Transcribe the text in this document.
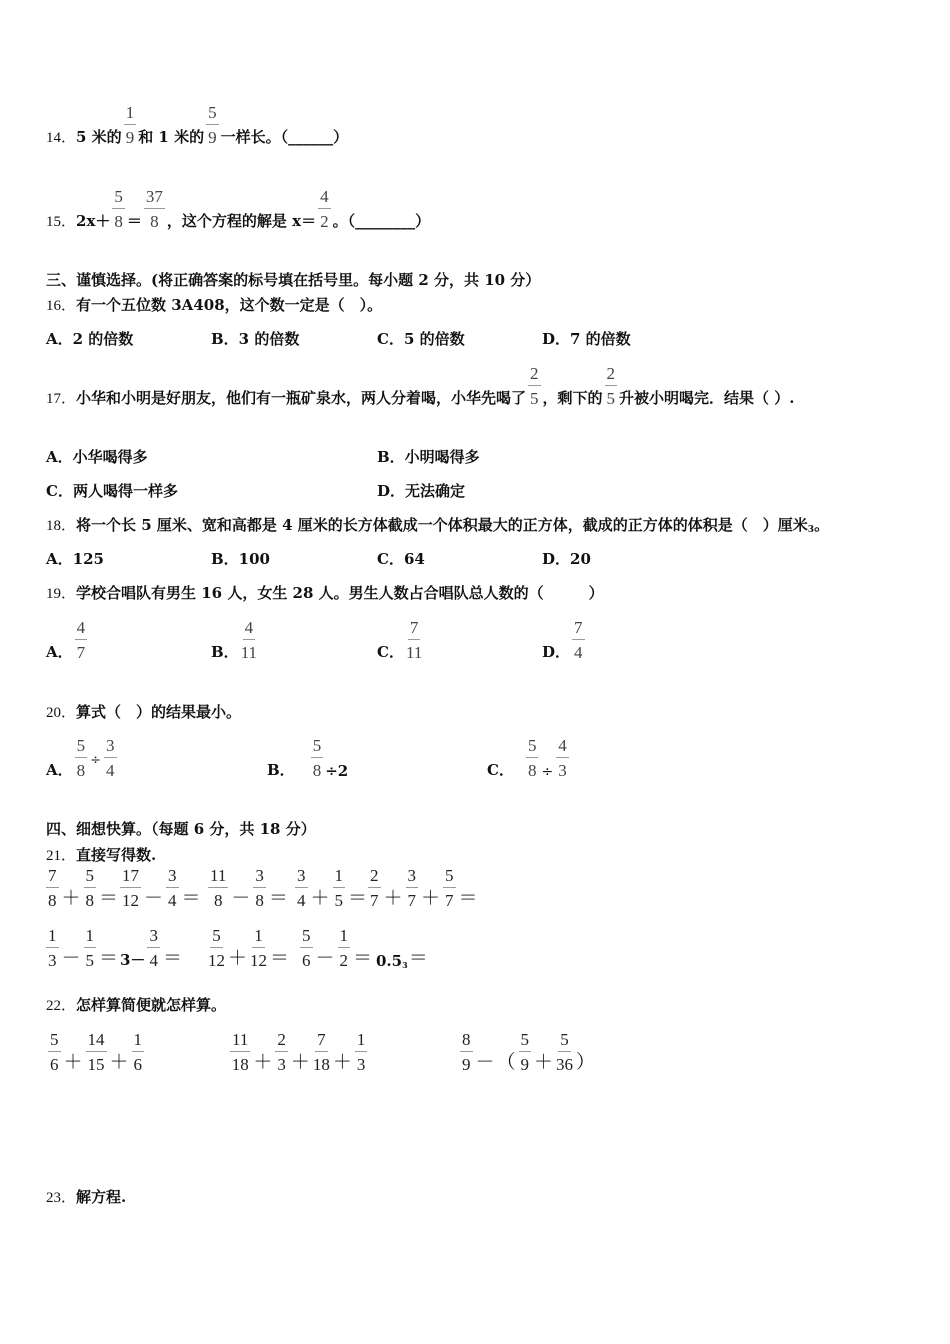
14． 5 米的 $\frac{1}{9}$ 和 1 米的 $\frac{5}{9}$ 一样长。（______）
15． $2x+ \frac{5}{8} = \frac{37}{8}$ ，这个方程的解是 $x= \frac{4}{2}$ 。（________）
三、谨慎选择。(将正确答案的标号填在括号里。每小题 2 分，共 10 分）
16． 有一个五位数 3A408，这个数一定是（　）。
A．2 的倍数	B．3 的倍数	C．5 的倍数	D．7 的倍数
17． 小华和小明是好朋友，他们有一瓶矿泉水，两人分着喝，小华先喝了 $\frac{2}{5}$ ，剩下的 $\frac{2}{5}$ 升被小明喝完．结果（ ）.
A．小华喝得多	B．小明喝得多
C．两人喝得一样多	D．无法确定
18． 将一个长 5 厘米、宽和高都是 4 厘米的长方体截成一个体积最大的正方体，截成的正方体的体积是（　）厘米$_3$ 。
A．125	B．100	C．64	D．20
19． 学校合唱队有男生 16 人，女生 28 人。男生人数占合唱队总人数的（　　　）
A． $\frac{4}{7}$	B． $\frac{4}{11}$	C． $\frac{7}{11}$	D． $\frac{7}{4}$
20． 算式（　）的结果最小。
A． $\frac{5}{8} \div \frac{3}{4}$	B． $\frac{5}{8} \div 2$	C． $\frac{5}{8} \div \frac{4}{3}$
四、细想快算。（每题 6 分，共 18 分）
21． 直接写得数.
$\frac{7}{8} + \frac{5}{8} = \frac{17}{12} - \frac{3}{4} = \frac{11}{8} - \frac{3}{8} = \frac{3}{4} + \frac{1}{5} = \frac{2}{7} + \frac{3}{7} + \frac{5}{7}$ ＝
$\frac{1}{3} - \frac{1}{5} = 3- \frac{3}{4} = \frac{5}{12} + \frac{1}{12} = \frac{5}{6} - \frac{1}{2} = 0.5_3$ ＝
22． 怎样算简便就怎样算。
$\frac{5}{6} + \frac{14}{15} + \frac{1}{6}$	$\frac{11}{18} + \frac{2}{3} + \frac{7}{18} + \frac{1}{3}$	$\frac{8}{9}$ － （ $\frac{5}{9} + \frac{5}{36}$ ）
23． 解方程.
